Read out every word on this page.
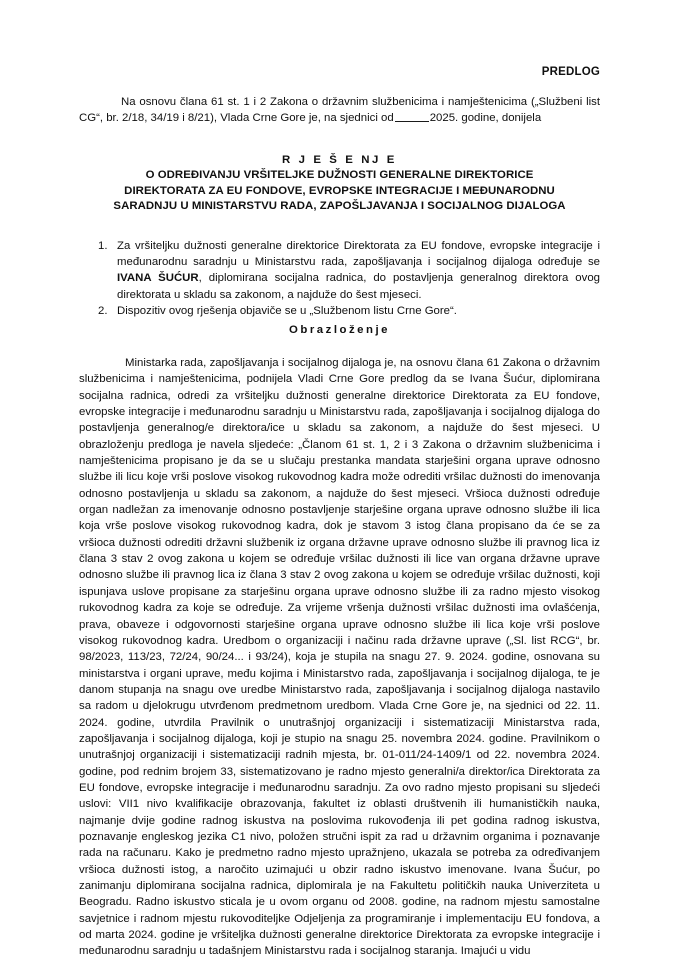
PREDLOG
Na osnovu člana 61 st. 1 i 2 Zakona o državnim službenicima i namještenicima („Službeni list CG“, br. 2/18, 34/19 i 8/21), Vlada Crne Gore je, na sjednici od	2025. godine, donijela
R J E Š E NJ E
O ODREĐIVANJU VRŠITELJKE DUŽNOSTI GENERALNE DIREKTORICE
DIREKTORATA ZA EU FONDOVE, EVROPSKE INTEGRACIJE I MEĐUNARODNU
SARADNJU U MINISTARSTVU RADA, ZAPOŠLJAVANJA I SOCIJALNOG DIJALOGA
1. Za vršiteljku dužnosti generalne direktorice Direktorata za EU fondove, evropske integracije i međunarodnu saradnju u Ministarstvu rada, zapošljavanja i socijalnog dijaloga određuje se IVANA ŠUĆUR, diplomirana socijalna radnica, do postavljenja generalnog direktora ovog direktorata u skladu sa zakonom, a najduže do šest mjeseci.
2. Dispozitiv ovog rješenja objaviče se u „Službenom listu Crne Gore“.
Obrazloženje
Ministarka rada, zapošljavanja i socijalnog dijaloga je, na osnovu člana 61 Zakona o državnim službenicima i namještenicima, podnijela Vladi Crne Gore predlog da se Ivana Šućur, diplomirana socijalna radnica, odredi za vršiteljku dužnosti generalne direktorice Direktorata za EU fondove, evropske integracije i međunarodnu saradnju u Ministarstvu rada, zapošljavanja i socijalnog dijaloga do postavljenja generalnog/e direktora/ice u skladu sa zakonom, a najduže do šest mjeseci. U obrazloženju predloga je navela sljedeće: „Članom 61 st. 1, 2 i 3 Zakona o državnim službenicima i namještenicima propisano je da se u slučaju prestanka mandata starješini organa uprave odnosno službe ili licu koje vrši poslove visokog rukovodnog kadra može odrediti vršilac dužnosti do imenovanja odnosno postavljenja u skladu sa zakonom, a najduže do šest mjeseci. Vršioca dužnosti određuje organ nadležan za imenovanje odnosno postavljenje starješine organa uprave odnosno službe ili lica koja vrše poslove visokog rukovodnog kadra, dok je stavom 3 istog člana propisano da će se za vršioca dužnosti odrediti državni službenik iz organa državne uprave odnosno službe ili pravnog lica iz člana 3 stav 2 ovog zakona u kojem se određuje vršilac dužnosti ili lice van organa državne uprave odnosno službe ili pravnog lica iz člana 3 stav 2 ovog zakona u kojem se određuje vršilac dužnosti, koji ispunjava uslove propisane za starješinu organa uprave odnosno službe ili za radno mjesto visokog rukovodnog kadra za koje se određuje. Za vrijeme vršenja dužnosti vršilac dužnosti ima ovlašćenja, prava, obaveze i odgovornosti starješine organa uprave odnosno službe ili lica koje vrši poslove visokog rukovodnog kadra. Uredbom o organizaciji i načinu rada državne uprave („Sl. list RCG“, br. 98/2023, 113/23, 72/24, 90/24... i 93/24), koja je stupila na snagu 27. 9. 2024. godine, osnovana su ministarstva i organi uprave, među kojima i Ministarstvo rada, zapošljavanja i socijalnog dijaloga, te je danom stupanja na snagu ove uredbe Ministarstvo rada, zapošljavanja i socijalnog dijaloga nastavilo sa radom u djelokrugu utvrđenom predmetnom uredbom. Vlada Crne Gore je, na sjednici od 22. 11. 2024. godine, utvrdila Pravilnik o unutrašnjoj organizaciji i sistematizaciji Ministarstva rada, zapošljavanja i socijalnog dijaloga, koji je stupio na snagu 25. novembra 2024. godine. Pravilnikom o unutrašnjoj organizaciji i sistematizaciji radnih mjesta, br. 01-011/24-1409/1 od 22. novembra 2024. godine, pod rednim brojem 33, sistematizovano je radno mjesto generalni/a direktor/ica Direktorata za EU fondove, evropske integracije i međunarodnu saradnju. Za ovo radno mjesto propisani su sljedeći uslovi: VII1 nivo kvalifikacije obrazovanja, fakultet iz oblasti društvenih ili humanističkih nauka, najmanje dvije godine radnog iskustva na poslovima rukovođenja ili pet godina radnog iskustva, poznavanje engleskog jezika C1 nivo, položen stručni ispit za rad u državnim organima i poznavanje rada na računaru. Kako je predmetno radno mjesto upražnjeno, ukazala se potreba za određivanjem vršioca dužnosti istog, a naročito uzimajući u obzir radno iskustvo imenovane. Ivana Šućur, po zanimanju diplomirana socijalna radnica, diplomirala je na Fakultetu političkih nauka Univerziteta u Beogradu. Radno iskustvo sticala je u ovom organu od 2008. godine, na radnom mjestu samostalne savjetnice i radnom mjestu rukovoditeljke Odjeljenja za programiranje i implementaciju EU fondova, a od marta 2024. godine je vršiteljka dužnosti generalne direktorice Direktorata za evropske integracije i međunarodnu saradnju u tadašnjem Ministarstvu rada i socijalnog staranja. Imajući u vidu
